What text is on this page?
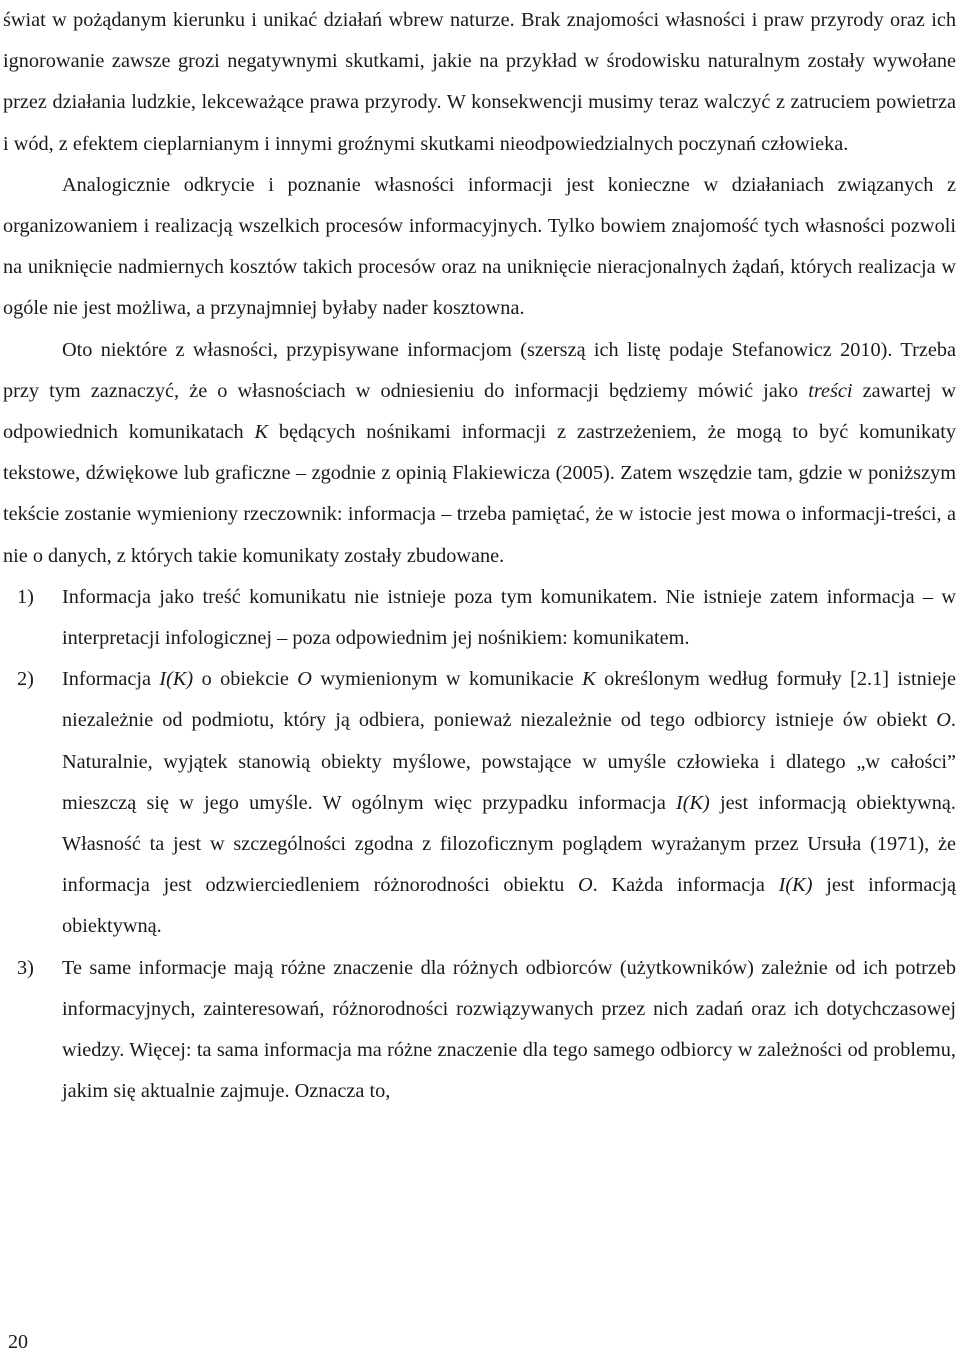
świat w pożądanym kierunku i unikać działań wbrew naturze. Brak znajomości własności i praw przyrody oraz ich ignorowanie zawsze grozi negatywnymi skutkami, jakie na przykład w środowisku naturalnym zostały wywołane przez działania ludzkie, lekceważące prawa przyrody. W konsekwencji musimy teraz walczyć z zatruciem powietrza i wód, z efektem cieplarnianym i innymi groźnymi skutkami nieodpowiedzialnych poczynań człowieka.

Analogicznie odkrycie i poznanie własności informacji jest konieczne w działaniach związanych z organizowaniem i realizacją wszelkich procesów informacyjnych. Tylko bowiem znajomość tych własności pozwoli na uniknięcie nadmiernych kosztów takich procesów oraz na uniknięcie nieracjonalnych żądań, których realizacja w ogóle nie jest możliwa, a przynajmniej byłaby nader kosztowna.

Oto niektóre z własności, przypisywane informacjom (szerszą ich listę podaje Stefanowicz 2010). Trzeba przy tym zaznaczyć, że o własnościach w odniesieniu do informacji będziemy mówić jako treści zawartej w odpowiednich komunikatach K będących nośnikami informacji z zastrzeżeniem, że mogą to być komunikaty tekstowe, dźwiękowe lub graficzne – zgodnie z opinią Flakiewicza (2005). Zatem wszędzie tam, gdzie w poniższym tekście zostanie wymieniony rzeczownik: informacja – trzeba pamiętać, że w istocie jest mowa o informacji-treści, a nie o danych, z których takie komunikaty zostały zbudowane.

1) Informacja jako treść komunikatu nie istnieje poza tym komunikatem. Nie istnieje zatem informacja – w interpretacji infologicznej – poza odpowiednim jej nośnikiem: komunikatem.
2) Informacja I(K) o obiekcie O wymienionym w komunikacie K określonym według formuły [2.1] istnieje niezależnie od podmiotu, który ją odbiera, ponieważ niezależnie od tego odbiorcy istnieje ów obiekt O. Naturalnie, wyjątek stanowią obiekty myślowe, powstające w umyśle człowieka i dlatego „w całości” mieszczą się w jego umyśle. W ogólnym więc przypadku informacja I(K) jest informacją obiektywną. Własność ta jest w szczególności zgodna z filozoficznym poglądem wyrażanym przez Ursuła (1971), że informacja jest odzwierciedleniem różnorodności obiektu O. Każda informacja I(K) jest informacją obiektywną.
3) Te same informacje mają różne znaczenie dla różnych odbiorców (użytkowników) zależnie od ich potrzeb informacyjnych, zainteresowań, różnorodności rozwiązywanych przez nich zadań oraz ich dotychczasowej wiedzy. Więcej: ta sama informacja ma różne znaczenie dla tego samego odbiorcy w zależności od problemu, jakim się aktualnie zajmuje. Oznacza to,
20
